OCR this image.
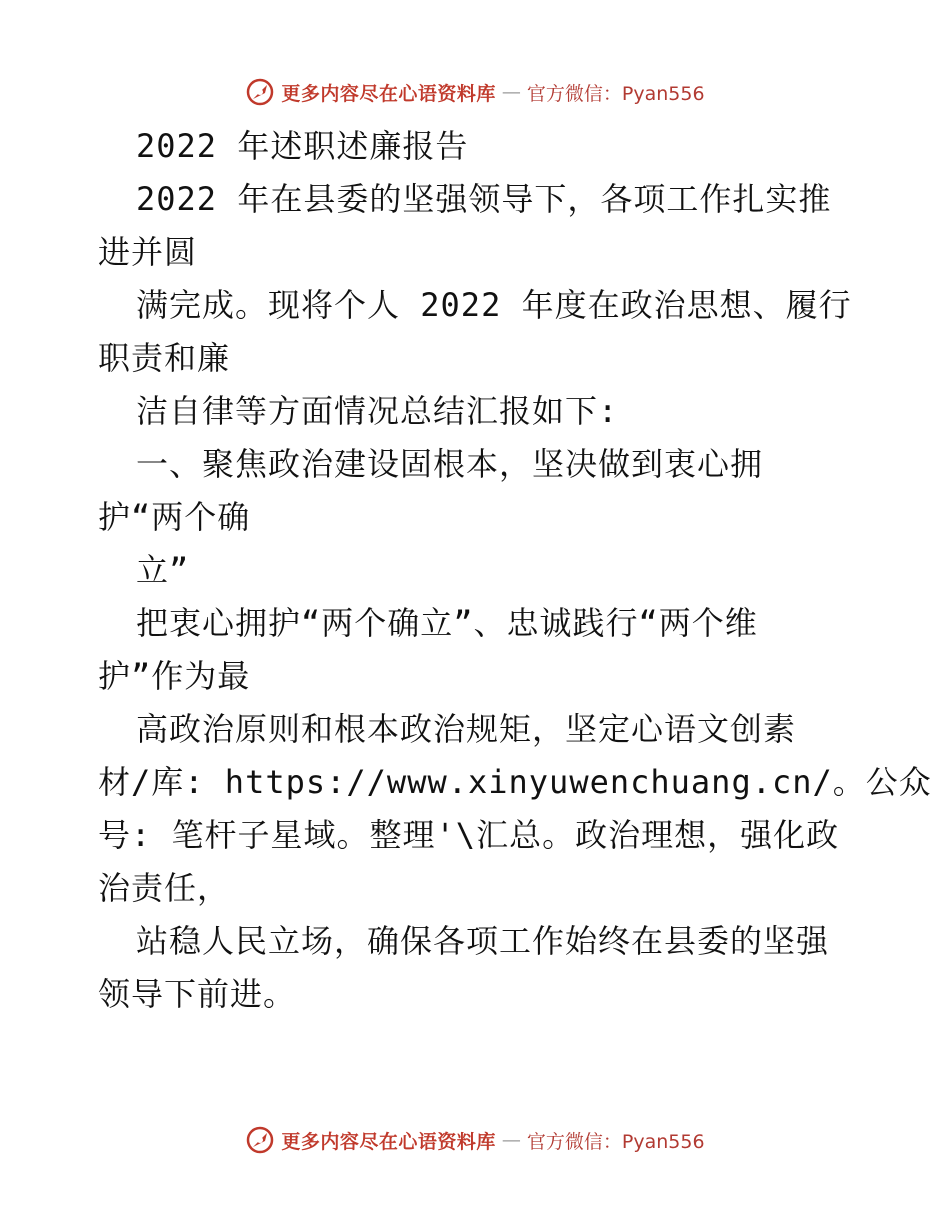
更多内容尽在心语资料库 — 官方微信：Pyan556
2022 年述职述廉报告
2022 年在县委的坚强领导下，各项工作扎实推
进并圆
满完成。现将个人 2022 年度在政治思想、履行
职责和廉
洁自律等方面情况总结汇报如下:
一、聚焦政治建设固根本，坚决做到衷心拥
护“两个确
立”
把衷心拥护“两个确立”、忠诚践行“两个维
护”作为最
高政治原则和根本政治规矩，坚定心语文创素
材/库: https://www.xinyuwenchuang.cn/。公众
号: 笔杆子星域。整理'\汇总。政治理想，强化政
治责任，
站稳人民立场，确保各项工作始终在县委的坚强
领导下前进。
更多内容尽在心语资料库 — 官方微信：Pyan556
